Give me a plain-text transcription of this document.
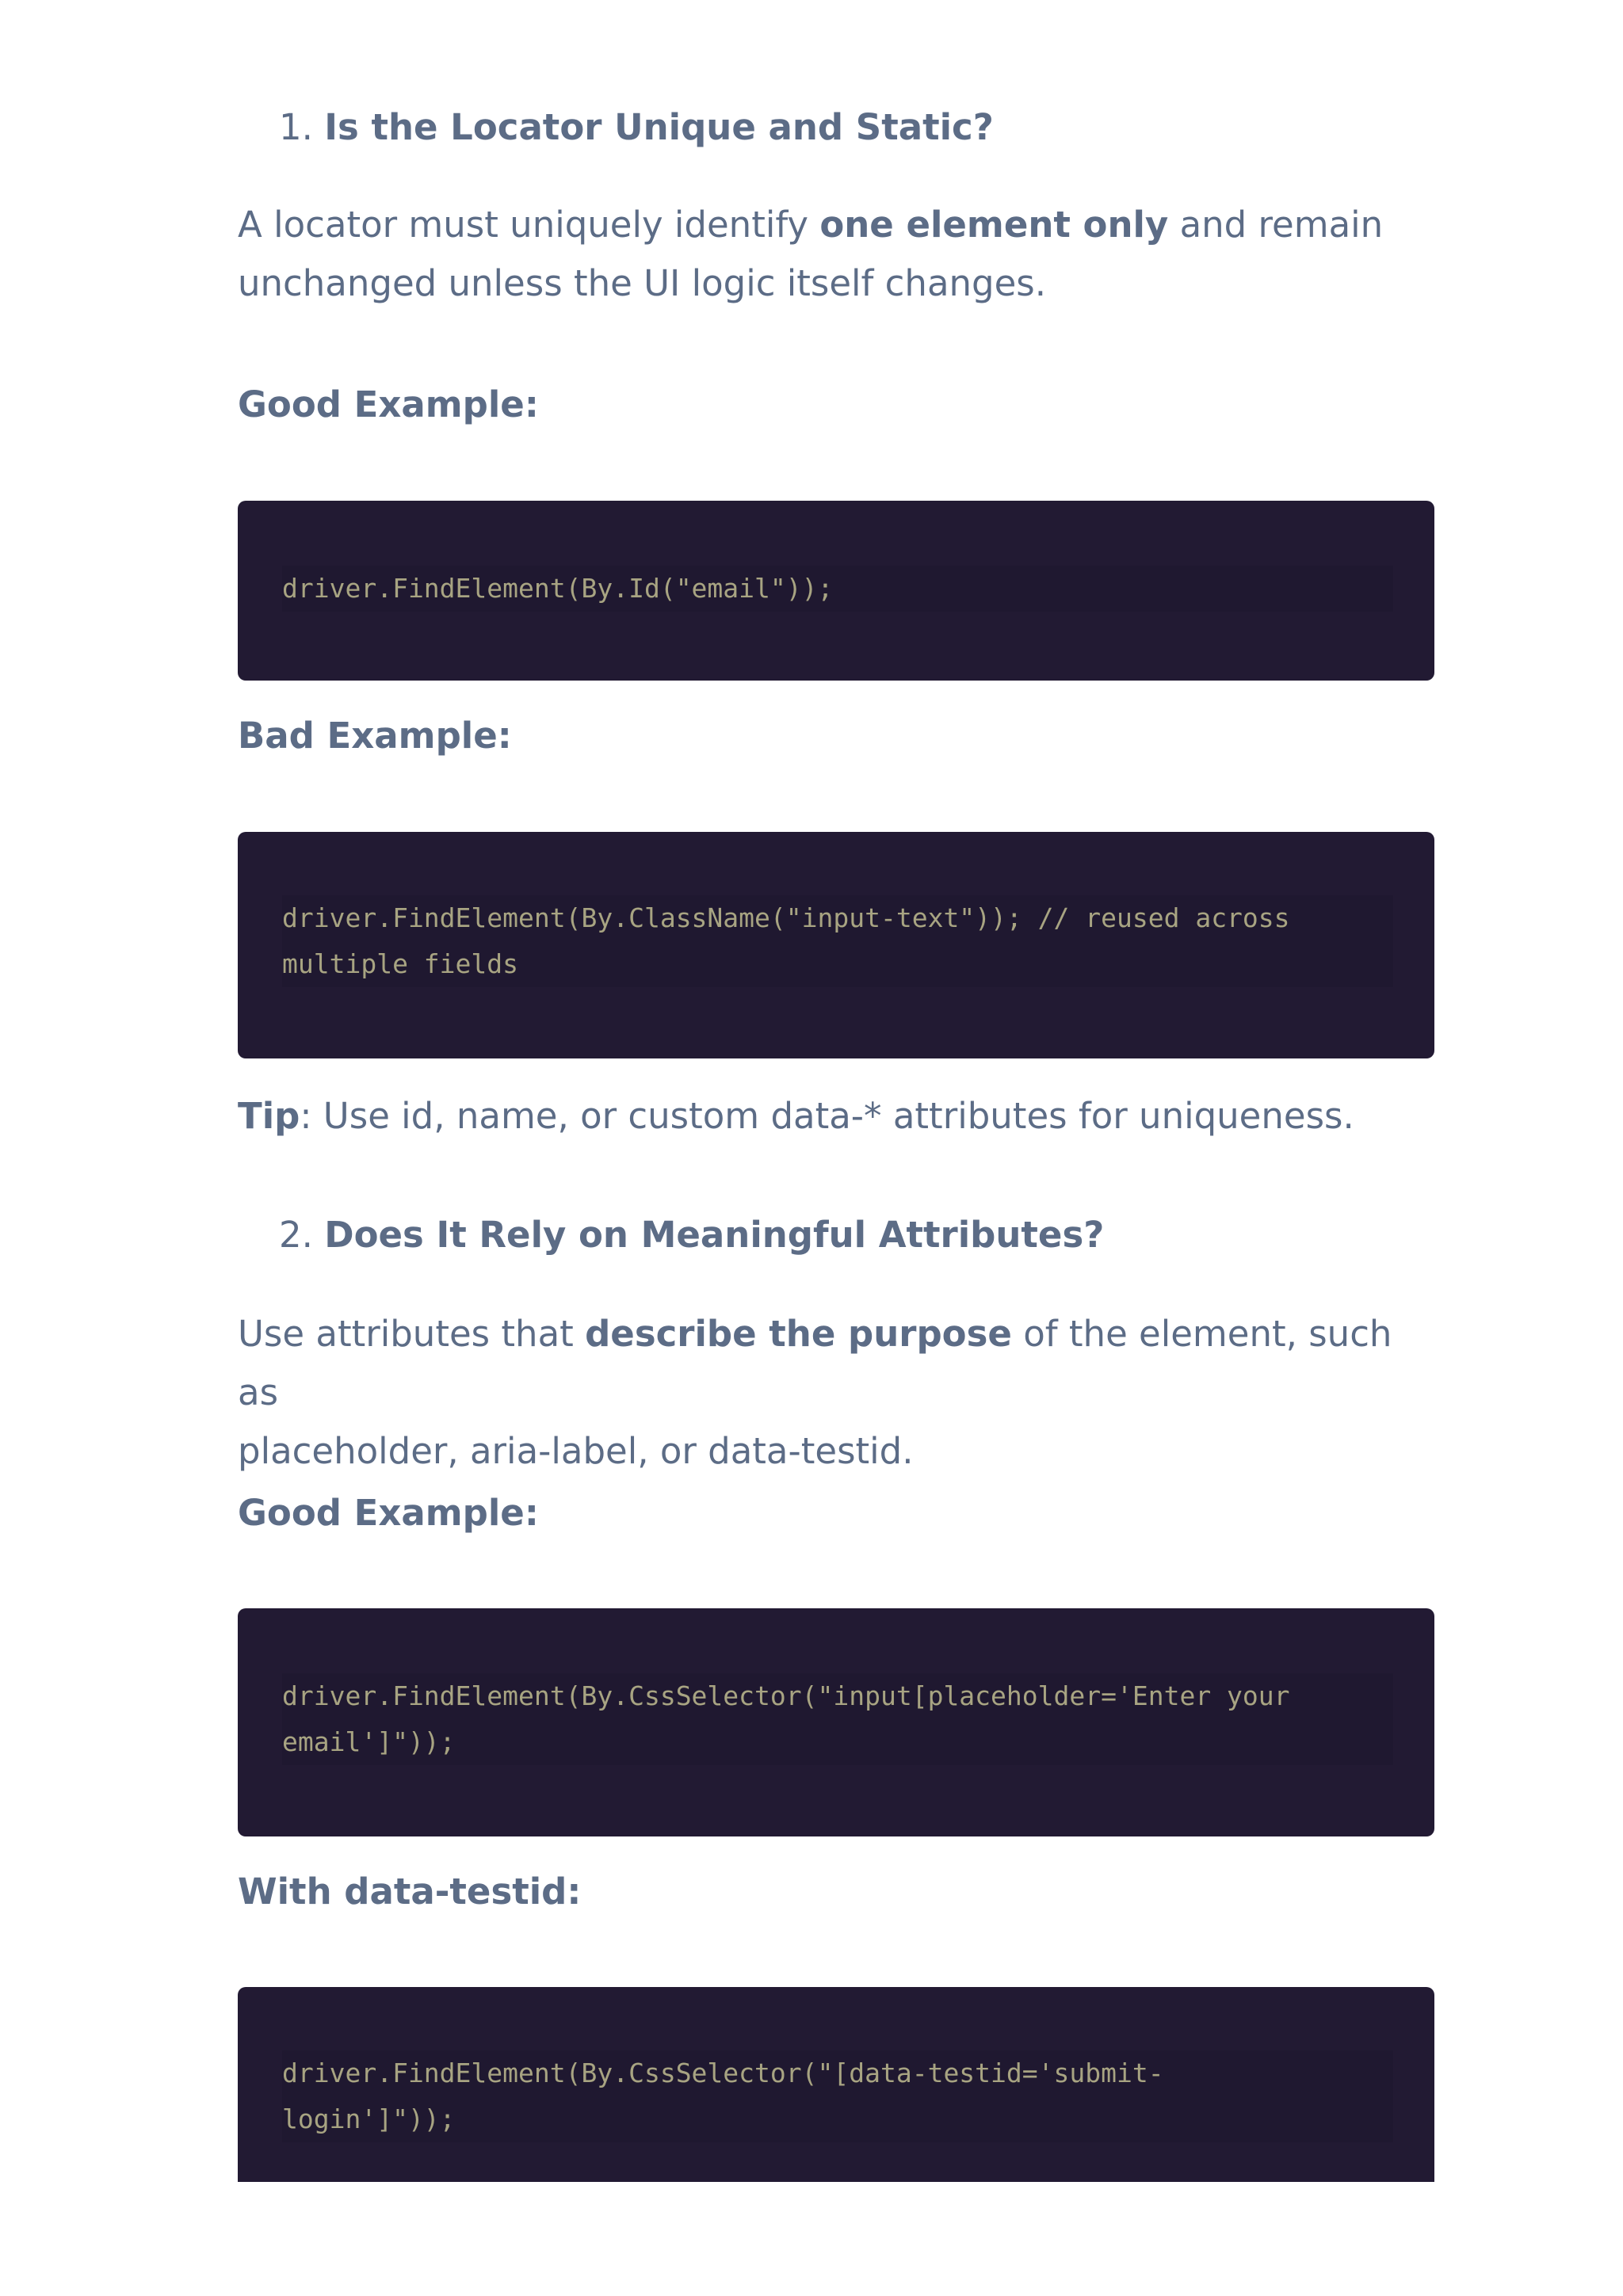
1. Is the Locator Unique and Static?
A locator must uniquely identify one element only and remain
unchanged unless the UI logic itself changes.
Good Example:
driver.FindElement(By.Id("email"));
Bad Example:
driver.FindElement(By.ClassName("input-text")); // reused across
multiple fields
Tip: Use id, name, or custom data-* attributes for uniqueness.
2. Does It Rely on Meaningful Attributes?
Use attributes that describe the purpose of the element, such as
placeholder, aria-label, or data-testid.
Good Example:
driver.FindElement(By.CssSelector("input[placeholder='Enter your
email']"));
With data-testid:
driver.FindElement(By.CssSelector("[data-testid='submit-
login']"));
